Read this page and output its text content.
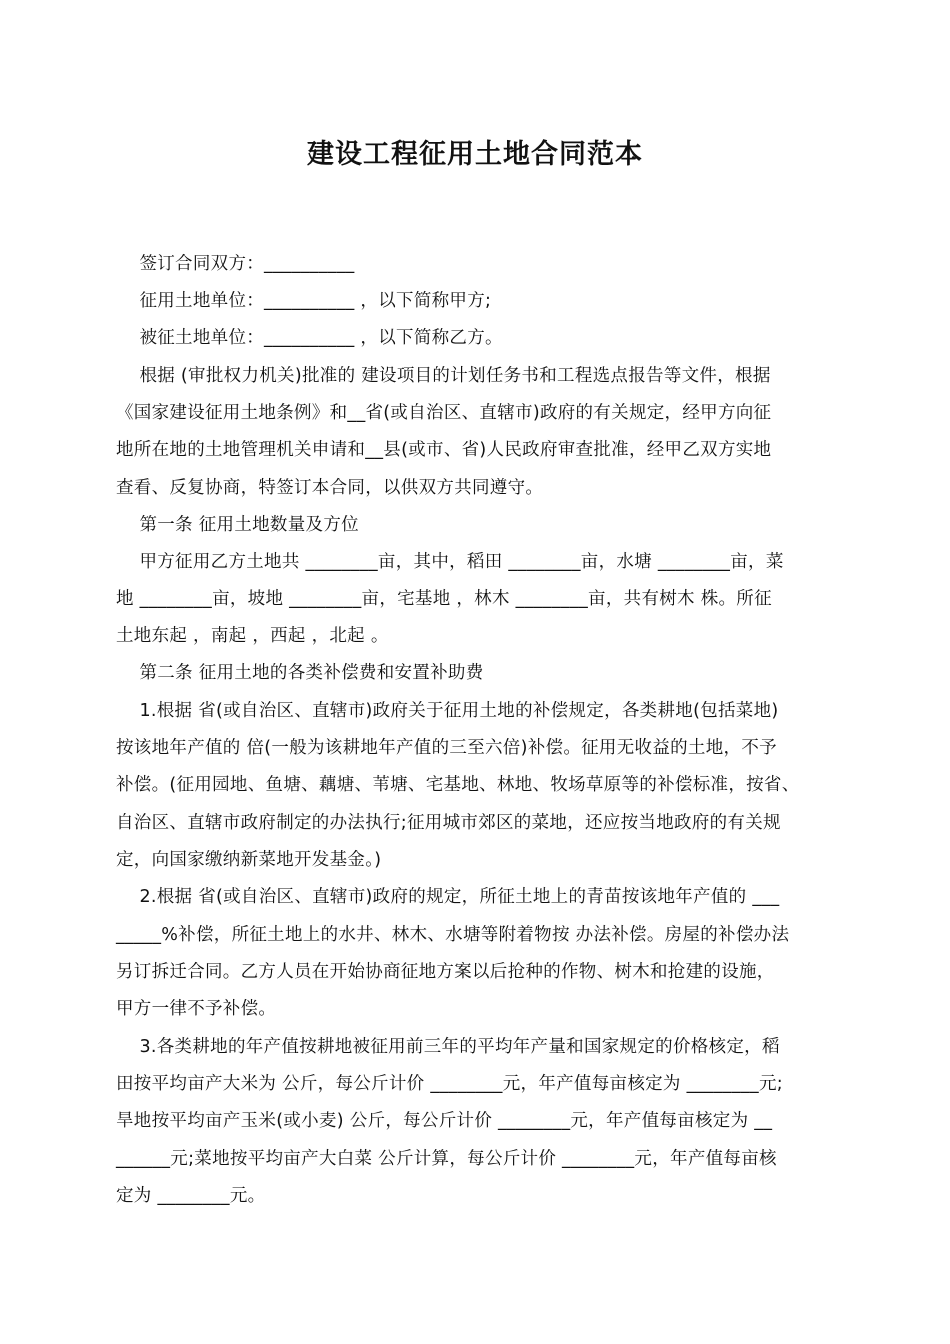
建设工程征用土地合同范本
签订合同双方：__________
征用土地单位：__________ ，以下简称甲方;
被征土地单位：__________ ，以下简称乙方。
根据 (审批权力机关)批准的 建设项目的计划任务书和工程选点报告等文件，根据
《国家建设征用土地条例》和__省(或自治区、直辖市)政府的有关规定，经甲方向征
地所在地的土地管理机关申请和__县(或市、省)人民政府审查批准，经甲乙双方实地
查看、反复协商，特签订本合同，以供双方共同遵守。
第一条 征用土地数量及方位
甲方征用乙方土地共 ________亩，其中，稻田 ________亩，水塘 ________亩，菜
地 ________亩，坡地 ________亩，宅基地 ，林木 ________亩，共有树木 株。所征
土地东起 ，南起 ，西起 ，北起 。
第二条 征用土地的各类补偿费和安置补助费
1.根据 省(或自治区、直辖市)政府关于征用土地的补偿规定，各类耕地(包括菜地)
按该地年产值的 倍(一般为该耕地年产值的三至六倍)补偿。征用无收益的土地，不予
补偿。(征用园地、鱼塘、藕塘、苇塘、宅基地、林地、牧场草原等的补偿标准，按省、
自治区、直辖市政府制定的办法执行;征用城市郊区的菜地，还应按当地政府的有关规
定，向国家缴纳新菜地开发基金。)
2.根据 省(或自治区、直辖市)政府的规定，所征土地上的青苗按该地年产值的 ___
_____%补偿，所征土地上的水井、林木、水塘等附着物按 办法补偿。房屋的补偿办法
另订拆迁合同。乙方人员在开始协商征地方案以后抢种的作物、树木和抢建的设施，
甲方一律不予补偿。
3.各类耕地的年产值按耕地被征用前三年的平均年产量和国家规定的价格核定，稻
田按平均亩产大米为 公斤，每公斤计价 ________元，年产值每亩核定为 ________元;
旱地按平均亩产玉米(或小麦) 公斤，每公斤计价 ________元，年产值每亩核定为 __
______元;菜地按平均亩产大白菜 公斤计算，每公斤计价 ________元，年产值每亩核
定为 ________元。
